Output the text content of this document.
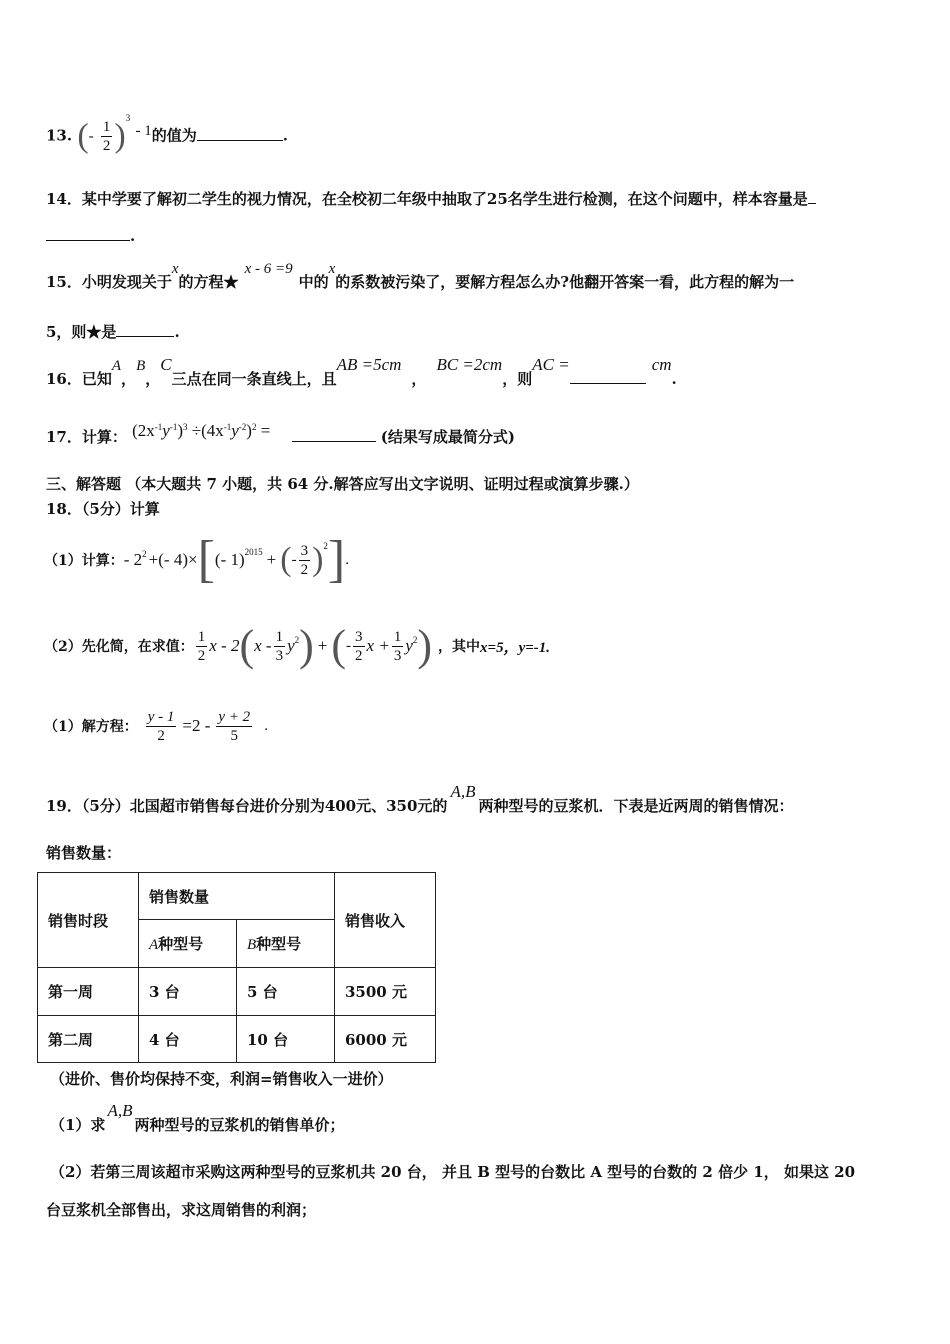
13. (- $\frac{1}{2} )^3 - 1$的值为	.
14．某中学要了解初二学生的视力情况，在全校初二年级中抽取了25名学生进行检测，在这个问题中，样本容量是
.
15．小明发现关于x的方程★x - 6 =9中的x的系数被污染了，要解方程怎么办?他翻开答案一看，此方程的解为一
5，则★是	.
16．已知A，B，C三点在同一条直线上，且AB =5cm，BC =2cm，则AC =	cm.
17．计算： $(2x^{-1}y^{-1})^3 \div(4x^{-1}y^{-2})^2$ =	(结果写成最简分式)
三、解答题 （本大题共 7 小题，共 64 分.解答应写出文字说明、证明过程或演算步骤.）
18．（5分）计算
（1）计算： - 2 2 +(- 4)× [ (- 1) 2015 + ( - $\frac{3}{2}$ ) 2 ] .
（2）先化简，在求值： $\frac{1}{2}$ x - 2 ( x - $\frac{1}{3}$ y 2 ) + ( - $\frac{3}{2}$ $x + \frac{1}{3}$ y 2 ) ，其中 x=5，y=-1.
（1）解方程： $\frac{y - 1}{2} =2 - \frac{y + 2}{5}$ .
19．（5分）北国超市销售每台进价分别为400元、350元的A,B两种型号的豆浆机．下表是近两周的销售情况：
销售数量：
销售时段	销售数量		销售收入
	A种型号	B种型号	
第一周	3 台	5 台	3500 元
第二周	4 台	10 台	6000 元
（进价、售价均保持不变，利润=销售收入一进价）
（1）求A,B两种型号的豆浆机的销售单价；
（2）若第三周该超市采购这两种型号的豆浆机共 20 台， 并且 B 型号的台数比 A 型号的台数的 2 倍少 1， 如果这 20
台豆浆机全部售出，求这周销售的利润；
